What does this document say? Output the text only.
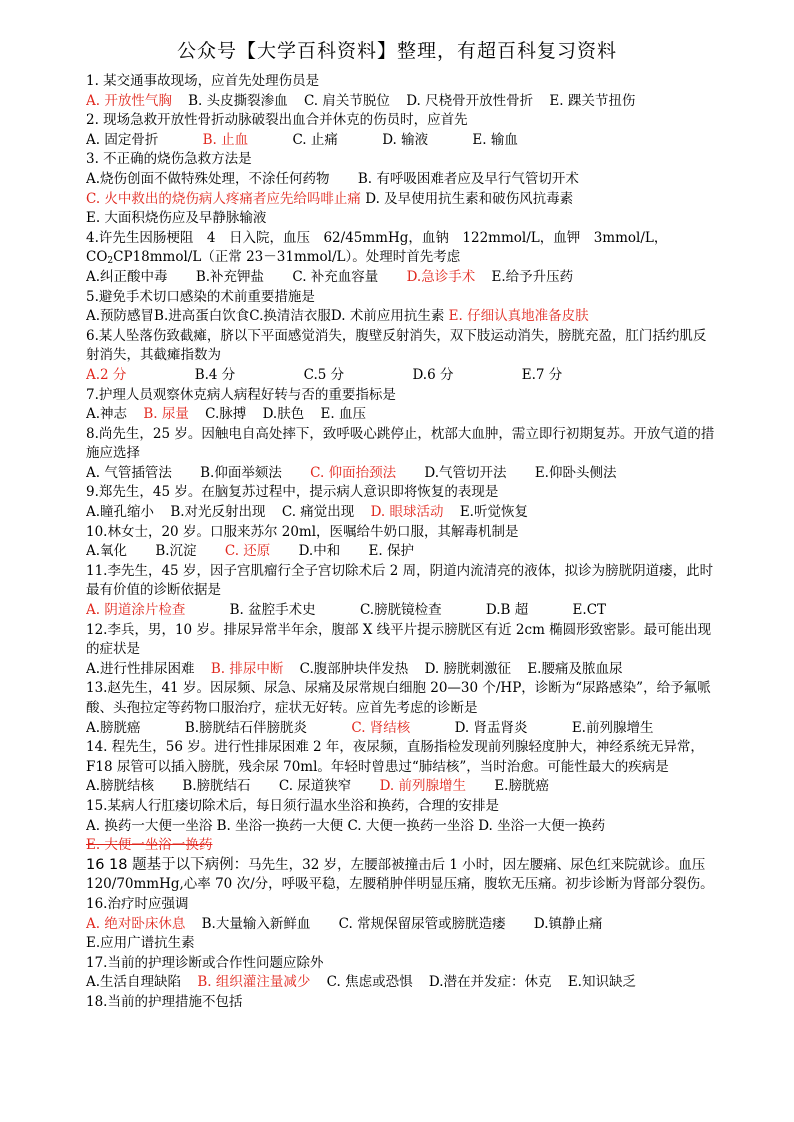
公众号【大学百科资料】整理，有超百科复习资料
1. 某交通事故现场，应首先处理伤员是
A. 开放性气胸 B. 头皮撕裂渗血 C. 肩关节脱位 D. 尺桡骨开放性骨折 E. 踝关节扭伤
2. 现场急救开放性骨折动脉破裂出血合并休克的伤员时，应首先
A. 固定骨折	B. 止血	C. 止痛	D. 输液	E. 输血
3. 不正确的烧伤急救方法是
A.烧伤创面不做特殊处理，不涂任何药物 B. 有呼吸困难者应及早行气管切开术
C. 火中救出的烧伤病人疼痛者应先给吗啡止痛 D. 及早使用抗生素和破伤风抗毒素
E. 大面积烧伤应及早静脉输液
4.许先生因肠梗阻　4　日入院，血压　62/45mmHg，血钠　122mmol/L，血钾　3mmol/L，
$CO_2CP18mmol/L$（正常 23－31mmol/L）。处理时首先考虑
A.纠正酸中毒 B.补充钾盐 C. 补充血容量 D.急诊手术 E.给予升压药
5.避免手术切口感染的术前重要措施是
A.预防感冒B.进高蛋白饮食C.换清洁衣服D. 术前应用抗生素 E. 仔细认真地准备皮肤
6.某人坠落伤致截瘫，脐以下平面感觉消失，腹壁反射消失，双下肢运动消失，膀胱充盈，肛门括约肌反射消失，其截瘫指数为
A.2 分	B.4 分	C.5 分	D.6 分	E.7 分
7.护理人员观察休克病人病程好转与否的重要指标是
A.神志 B. 尿量 C.脉搏 D.肤色 E. 血压
8.尚先生，25 岁。因触电自高处摔下，致呼吸心跳停止，枕部大血肿，需立即行初期复苏。开放气道的措施应选择
A. 气管插管法 B.仰面举颏法 C. 仰面抬颈法 D.气管切开法 E.仰卧头侧法
9.郑先生，45 岁。在脑复苏过程中，提示病人意识即将恢复的表现是
A.瞳孔缩小 B.对光反射出现 C. 痛觉出现 D. 眼球活动 E.听觉恢复
10.林女士，20 岁。口服来苏尔 20ml，医嘱给牛奶口服，其解毒机制是
A.氧化 B.沉淀 C. 还原 D.中和 E. 保护
11.李先生，45 岁，因子宫肌瘤行全子宫切除术后 2 周，阴道内流清亮的液体，拟诊为膀胱阴道瘘，此时最有价值的诊断依据是
A. 阴道涂片检查	B. 盆腔手术史	C.膀胱镜检查	D.B 超	E.CT
12.李兵，男，10 岁。排尿异常半年余，腹部 X 线平片提示膀胱区有近 2cm 椭圆形致密影。最可能出现的症状是
A.进行性排尿困难 B. 排尿中断 C.腹部肿块伴发热 D. 膀胱刺激征 E.腰痛及脓血尿
13.赵先生，41 岁。因尿频、尿急、尿痛及尿常规白细胞 20—30 个/HP，诊断为“尿路感染”，给予氟哌酸、头孢拉定等药物口服治疗，症状无好转。应首先考虑的诊断是
A.膀胱癌	B.膀胱结石伴膀胱炎	C. 肾结核	D. 肾盂肾炎	E.前列腺增生
14. 程先生，56 岁。进行性排尿困难 2 年，夜尿频，直肠指检发现前列腺轻度肿大，神经系统无异常，F18 尿管可以插入膀胱，残余尿 70ml。年轻时曾患过“肺结核”，当时治愈。可能性最大的疾病是
A.膀胱结核 B.膀胱结石 C. 尿道狭窄 D. 前列腺增生 E.膀胱癌
15.某病人行肛瘘切除术后，每日须行温水坐浴和换药，合理的安排是
A. 换药一大便一坐浴 B. 坐浴一换药一大便 C. 大便一换药一坐浴 D. 坐浴一大便一换药
E. 大便一坐浴一换药
16 18 题基于以下病例：马先生，32 岁，左腰部被撞击后 1 小时，因左腰痛、尿色红来院就诊。血压 120/70mmHg,心率 70 次/分，呼吸平稳，左腰稍肿伴明显压痛，腹软无压痛。初步诊断为肾部分裂伤。
16.治疗时应强调
A. 绝对卧床休息 B.大量输入新鲜血 C. 常规保留尿管或膀胱造瘘 D.镇静止痛
E.应用广谱抗生素
17.当前的护理诊断或合作性问题应除外
A.生活自理缺陷 B. 组织灌注量减少 C. 焦虑或恐惧 D.潜在并发症：休克 E.知识缺乏
18.当前的护理措施不包括
